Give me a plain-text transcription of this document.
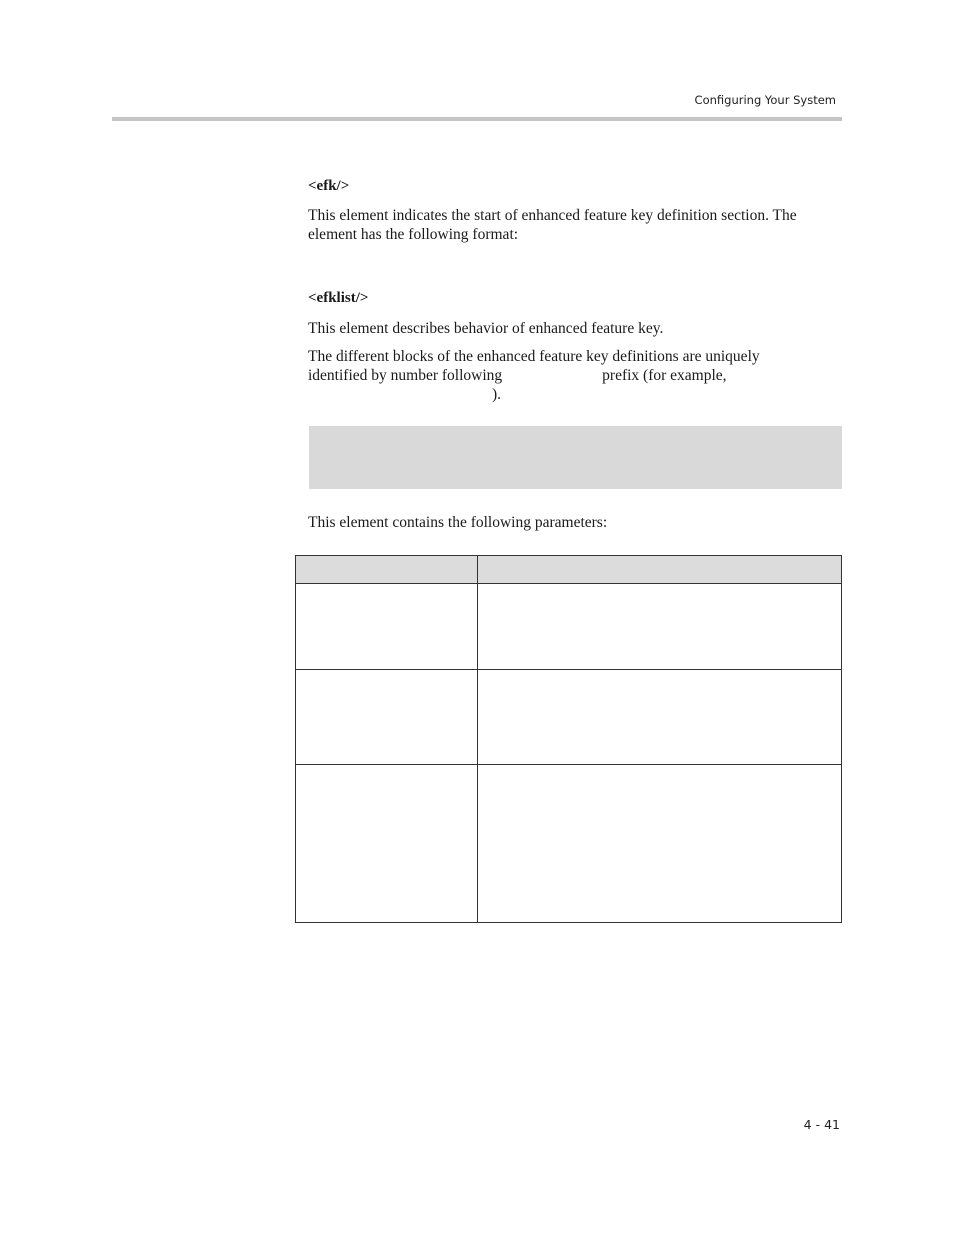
Configuring Your System
<efk/>
This element indicates the start of enhanced feature key definition section. The
element has the following format:
<efklist/>

This element describes behavior of enhanced feature key.

The different blocks of the enhanced feature key definitions are uniquely
identified by number following	prefix (for example,
).

This element contains the following parameters:

4 - 41
